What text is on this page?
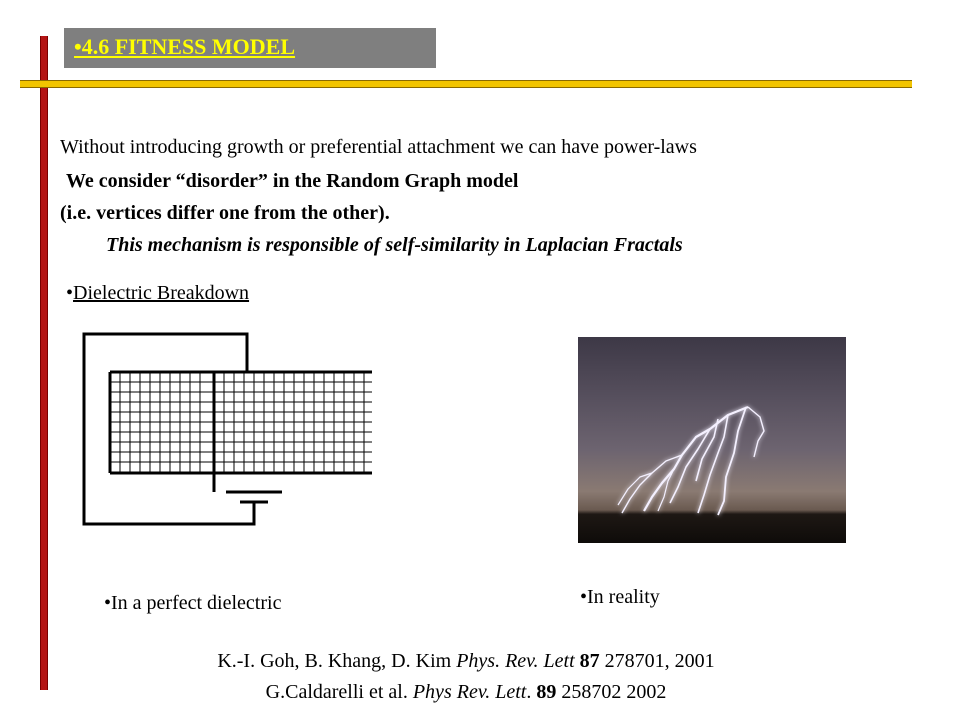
•4.6 FITNESS MODEL
Without introducing growth or preferential attachment we can have power-laws
We consider “disorder” in the Random Graph model
(i.e. vertices differ one from the other).
This mechanism is responsible of self-similarity in Laplacian Fractals
•Dielectric Breakdown
•In a perfect dielectric	•In reality
K.-I. Goh, B. Khang, D. Kim Phys. Rev. Lett 87 278701, 2001
G.Caldarelli et al. Phys Rev. Lett. 89 258702 2002
